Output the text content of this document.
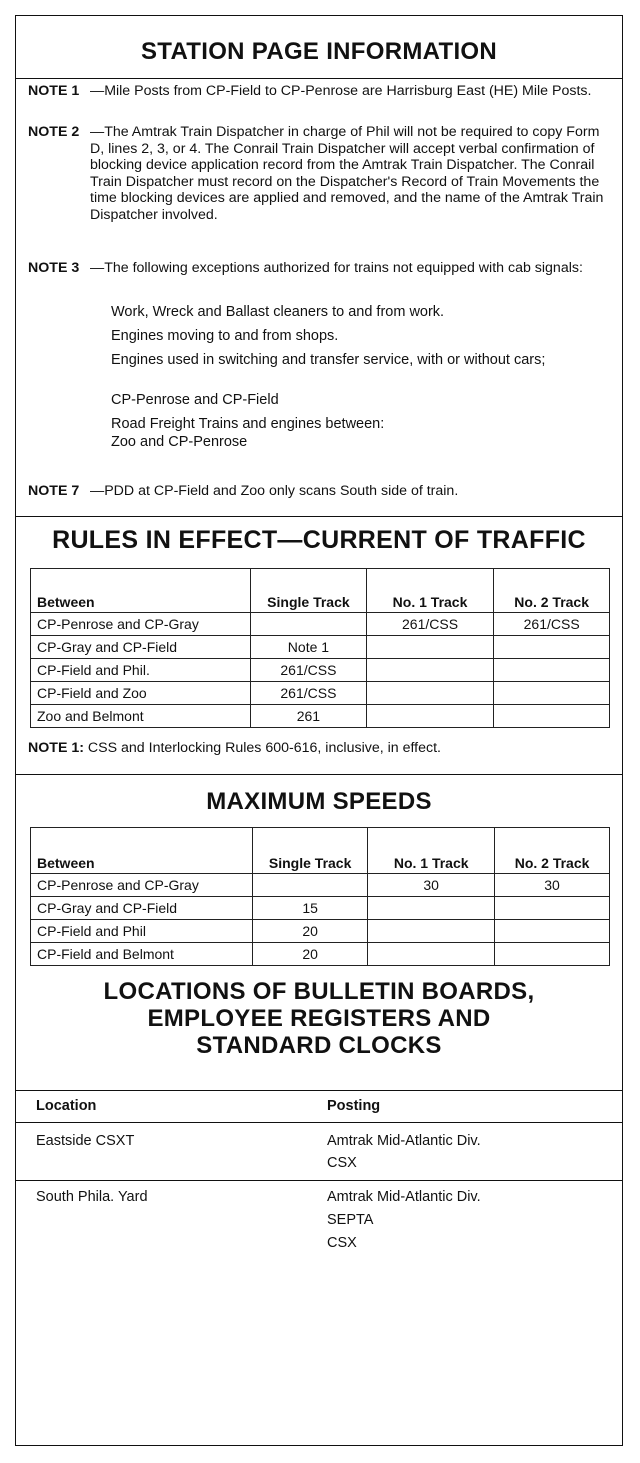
STATION PAGE INFORMATION
NOTE 1 —Mile Posts from CP-Field to CP-Penrose are Harrisburg East (HE) Mile Posts.
NOTE 2 —The Amtrak Train Dispatcher in charge of Phil will not be required to copy Form D, lines 2, 3, or 4. The Conrail Train Dispatcher will accept verbal confirmation of blocking device application record from the Amtrak Train Dispatcher. The Conrail Train Dispatcher must record on the Dispatcher's Record of Train Movements the time blocking devices are applied and removed, and the name of the Amtrak Train Dispatcher involved.
NOTE 3 —The following exceptions authorized for trains not equipped with cab signals:
Work, Wreck and Ballast cleaners to and from work.
Engines moving to and from shops.
Engines used in switching and transfer service, with or without cars;
CP-Penrose and CP-Field
Road Freight Trains and engines between:
Zoo and CP-Penrose
NOTE 7 —PDD at CP-Field and Zoo only scans South side of train.
RULES IN EFFECT—CURRENT OF TRAFFIC
Between	Single Track	No. 1 Track	No. 2 Track
CP-Penrose and CP-Gray		261/CSS	261/CSS
CP-Gray and CP-Field	Note 1		
CP-Field and Phil.	261/CSS		
CP-Field and Zoo	261/CSS		
Zoo and Belmont	261		
NOTE 1: CSS and Interlocking Rules 600-616, inclusive, in effect.
MAXIMUM SPEEDS
Between	Single Track	No. 1 Track	No. 2 Track
CP-Penrose and CP-Gray		30	30
CP-Gray and CP-Field	15		
CP-Field and Phil	20		
CP-Field and Belmont	20		
LOCATIONS OF BULLETIN BOARDS,
EMPLOYEE REGISTERS AND
STANDARD CLOCKS
Location	Posting
Eastside CSXT	Amtrak Mid-Atlantic Div.
CSX
South Phila. Yard	Amtrak Mid-Atlantic Div.
SEPTA
CSX
